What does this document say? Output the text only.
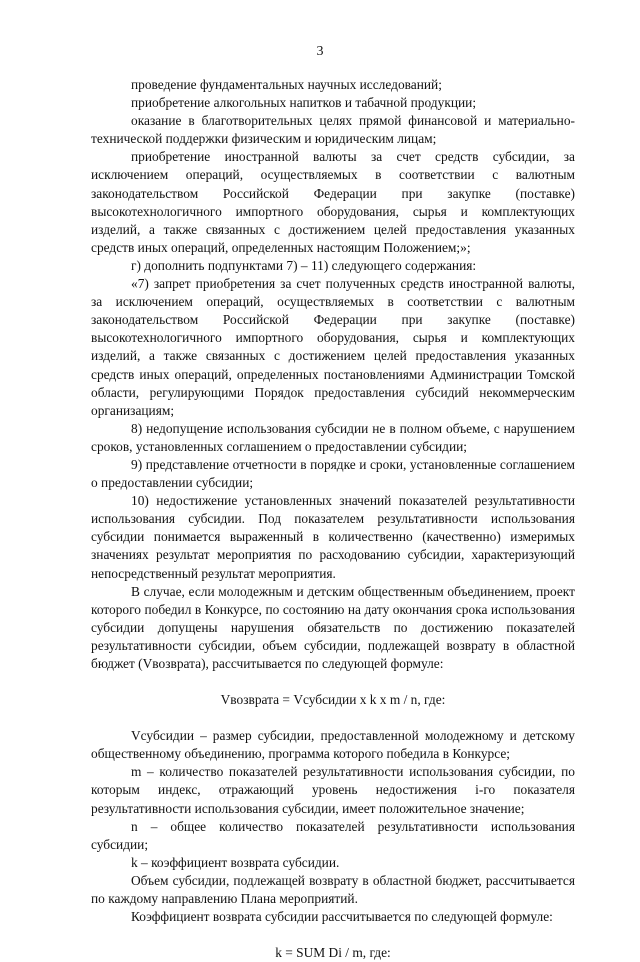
3

проведение фундаментальных научных исследований;

приобретение алкогольных напитков и табачной продукции;

оказание в благотворительных целях прямой финансовой и материально-технической поддержки физическим и юридическим лицам;

приобретение иностранной валюты за счет средств субсидии, за исключением операций, осуществляемых в соответствии с валютным законодательством Российской Федерации при закупке (поставке) высокотехнологичного импортного оборудования, сырья и комплектующих изделий, а также связанных с достижением целей предоставления указанных средств иных операций, определенных настоящим Положением;»;

г) дополнить подпунктами 7) – 11) следующего содержания:

«7) запрет приобретения за счет полученных средств иностранной валюты, за исключением операций, осуществляемых в соответствии с валютным законодательством Российской Федерации при закупке (поставке) высокотехнологичного импортного оборудования, сырья и комплектующих изделий, а также связанных с достижением целей предоставления указанных средств иных операций, определенных постановлениями Администрации Томской области, регулирующими Порядок предоставления субсидий некоммерческим организациям;

8) недопущение использования субсидии не в полном объеме, с нарушением сроков, установленных соглашением о предоставлении субсидии;

9) представление отчетности в порядке и сроки, установленные соглашением о предоставлении субсидии;

10) недостижение установленных значений показателей результативности использования субсидии. Под показателем результативности использования субсидии понимается выраженный в количественно (качественно) измеримых значениях результат мероприятия по расходованию субсидии, характеризующий непосредственный результат мероприятия.

В случае, если молодежным и детским общественным объединением, проект которого победил в Конкурсе, по состоянию на дату окончания срока использования субсидии допущены нарушения обязательств по достижению показателей результативности субсидии, объем субсидии, подлежащей возврату в областной бюджет (Vвозврата), рассчитывается по следующей формуле:

Vвозврата = Vсубсидии x k x m / n, где:

Vсубсидии – размер субсидии, предоставленной молодежному и детскому общественному объединению, программа которого победила в Конкурсе;

m – количество показателей результативности использования субсидии, по которым индекс, отражающий уровень недостижения i-го показателя результативности использования субсидии, имеет положительное значение;

n – общее количество показателей результативности использования субсидии;

k – коэффициент возврата субсидии.

Объем субсидии, подлежащей возврату в областной бюджет, рассчитывается по каждому направлению Плана мероприятий.

Коэффициент возврата субсидии рассчитывается по следующей формуле:

k = SUM Di / m, где:
